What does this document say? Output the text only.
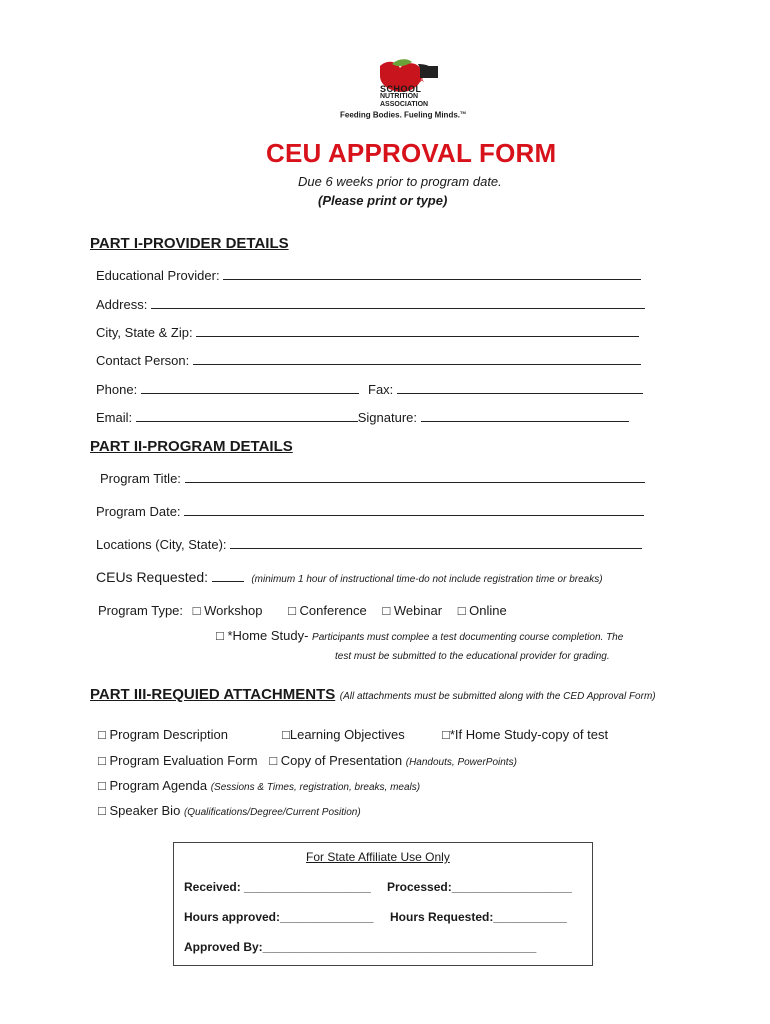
ALABAMA
SCHOOL
NUTRITION
ASSOCIATION
Feeding Bodies. Fueling Minds.™
CEU APPROVAL FORM
Due 6 weeks prior to program date.
(Please print or type)
PART I-PROVIDER DETAILS
Educational Provider:
Address:
City, State & Zip:
Contact Person:
Phone:	Fax:
Email:	Signature:
PART II-PROGRAM DETAILS
Program Title:
Program Date:
Locations (City, State):
CEUs Requested:	(minimum 1 hour of instructional time-do not include registration time or breaks)
Program Type: □ Workshop □ Conference □ Webinar □ Online
□ *Home Study- Participants must complee a test documenting course completion. The
test must be submitted to the educational provider for grading.
PART III-REQUIED ATTACHMENTS (All attachments must be submitted along with the CED Approval Form)
□ Program Description	□Learning Objectives	□*If Home Study-copy of test
□ Program Evaluation Form □ Copy of Presentation (Handouts, PowerPoints)
□ Program Agenda (Sessions & Times, registration, breaks, meals)
□ Speaker Bio (Qualifications/Degree/Current Position)
For State Affiliate Use Only
Received: ___________________ Processed:__________________
Hours approved:______________ Hours Requested:___________
Approved By:_________________________________________
